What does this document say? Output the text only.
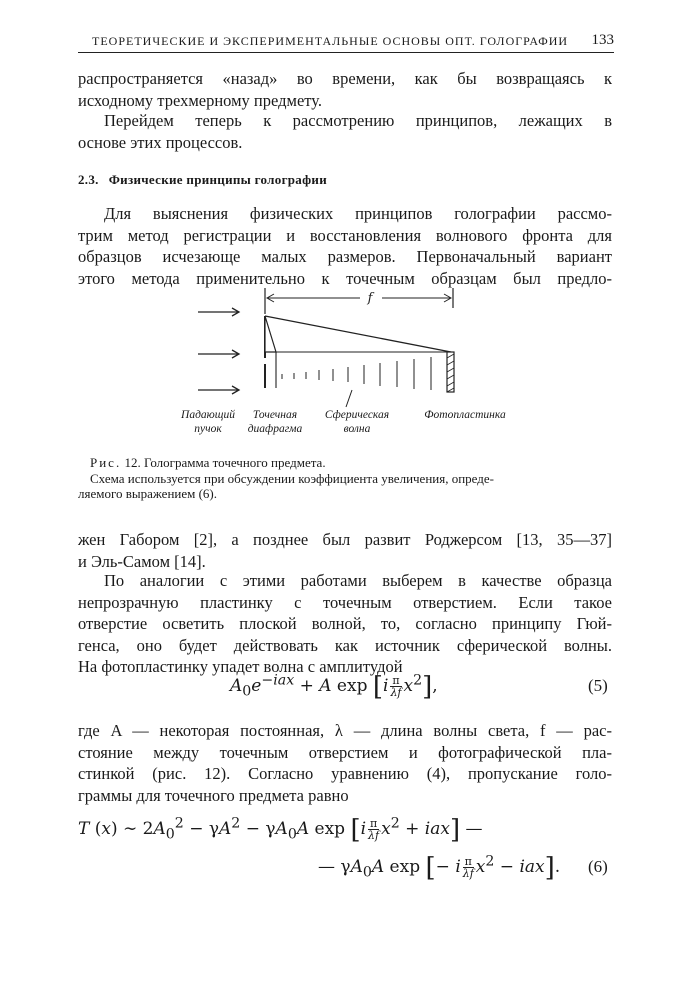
ТЕОРЕТИЧЕСКИЕ И ЭКСПЕРИМЕНТАЛЬНЫЕ ОСНОВЫ ОПТ. ГОЛОГРАФИИ 133

распространяется «назад» во времени, как бы возвращаясь к
исходному трехмерному предмету.

Перейдем теперь к рассмотрению принципов, лежащих в
основе этих процессов.

2.3. Физические принципы голографии

Для выяснения физических принципов голографии рассмо-
трим метод регистрации и восстановления волнового фронта для
образцов исчезающе малых размеров. Первоначальный вариант
этого метода применительно к точечным образцам был предло-

f
Падающий
пучок
Точечная
диафрагма
Сферическая
волна
Фотопластинка
Рис. 12. Голограмма точечного предмета.
Схема используется при обсуждении коэффициента увеличения, опреде-
ляемого выражением (6).

жен Габором [2], а позднее был развит Роджерсом [13, 35—37]
и Эль-Самом [14].

По аналогии с этими работами выберем в качестве образца
непрозрачную пластинку с точечным отверстием. Если такое
отверстие осветить плоской волной, то, согласно принципу Гюй-
генса, оно будет действовать как источник сферической волны.
На фотопластинку упадет волна с амплитудой

$A_0e^{-iax} + A$ $\exp [i \frac{\pi}{\lambda f} x^2]$,	(5)

где A — некоторая постоянная, λ — длина волны света, f — рас-
стояние между точечным отверстием и фотографической пла-
стинкой (рис. 12). Согласно уравнению (4), пропускание голо-
граммы для точечного предмета равно

T (x) ∼ $2A_0^2 - \gamma A^2 - \gamma A_0A$ $\exp [i \frac{\pi}{\lambda f} x^2 + iax]$ —
— $\gamma A_0A$ exp [− i $\frac{\pi}{\lambda f} x^2 - iax$]. (6)
